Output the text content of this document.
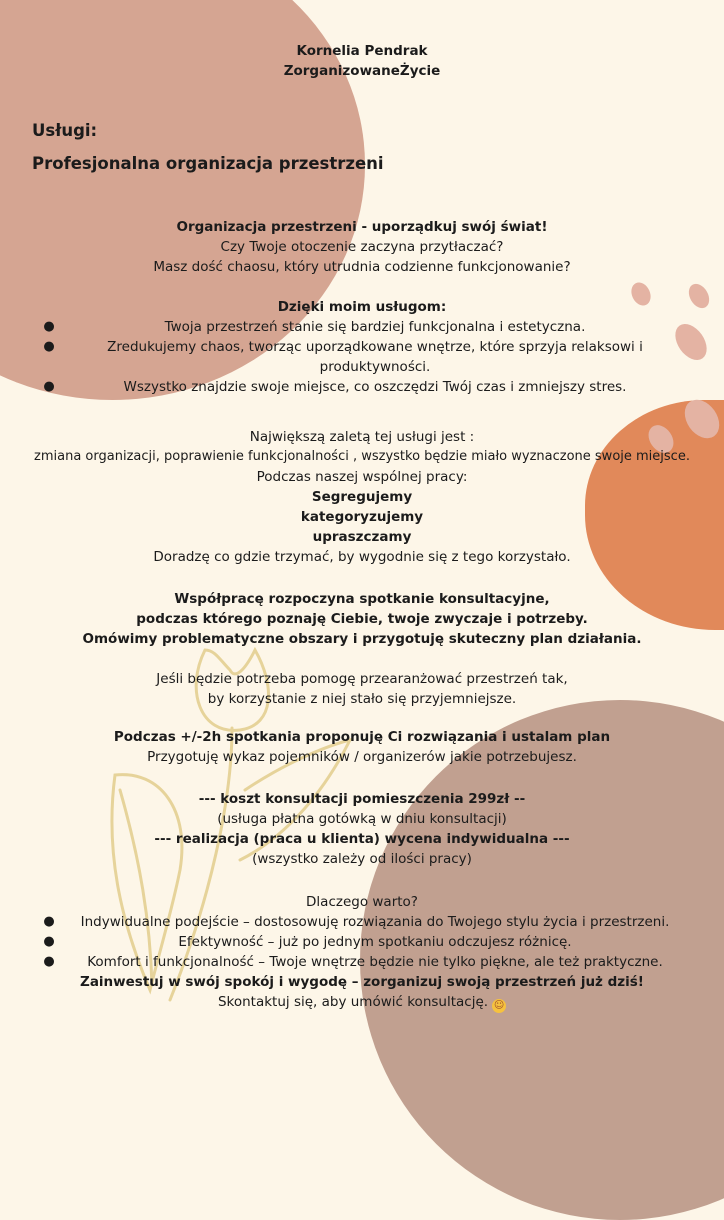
Kornelia Pendrak
ZorganizowaneŻycie
Usługi:
Profesjonalna organizacja przestrzeni
Organizacja przestrzeni - uporządkuj swój świat!
Czy Twoje otoczenie zaczyna przytłaczać?
Masz dość chaosu, który utrudnia codzienne funkcjonowanie?
Dzięki moim usługom:
●	Twoja przestrzeń stanie się bardziej funkcjonalna i estetyczna.
●	Zredukujemy chaos, tworząc uporządkowane wnętrze, które sprzyja relaksowi i
produktywności.
●	Wszystko znajdzie swoje miejsce, co oszczędzi Twój czas i zmniejszy stres.
Największą zaletą tej usługi jest :
zmiana organizacji, poprawienie funkcjonalności , wszystko będzie miało wyznaczone swoje miejsce.
Podczas naszej wspólnej pracy:
Segregujemy
kategoryzujemy
upraszczamy
Doradzę co gdzie trzymać, by wygodnie się z tego korzystało.
Współpracę rozpoczyna spotkanie konsultacyjne,
podczas którego poznaję Ciebie, twoje zwyczaje i potrzeby.
Omówimy problematyczne obszary i przygotuję skuteczny plan działania.
Jeśli będzie potrzeba pomogę przearanżować przestrzeń tak,
by korzystanie z niej stało się przyjemniejsze.
Podczas +/-2h spotkania proponuję Ci rozwiązania i ustalam plan
Przygotuję wykaz pojemników / organizerów jakie potrzebujesz.
--- koszt konsultacji pomieszczenia 299zł --
(usługa płatna gotówką w dniu konsultacji)
--- realizacja (praca u klienta) wycena indywidualna ---
(wszystko zależy od ilości pracy)
Dlaczego warto?
●	Indywidualne podejście – dostosowuję rozwiązania do Twojego stylu życia i przestrzeni.
●	Efektywność – już po jednym spotkaniu odczujesz różnicę.
●	Komfort i funkcjonalność – Twoje wnętrze będzie nie tylko piękne, ale też praktyczne.
Zainwestuj w swój spokój i wygodę – zorganizuj swoją przestrzeń już dziś!
Skontaktuj się, aby umówić konsultację. ☺
